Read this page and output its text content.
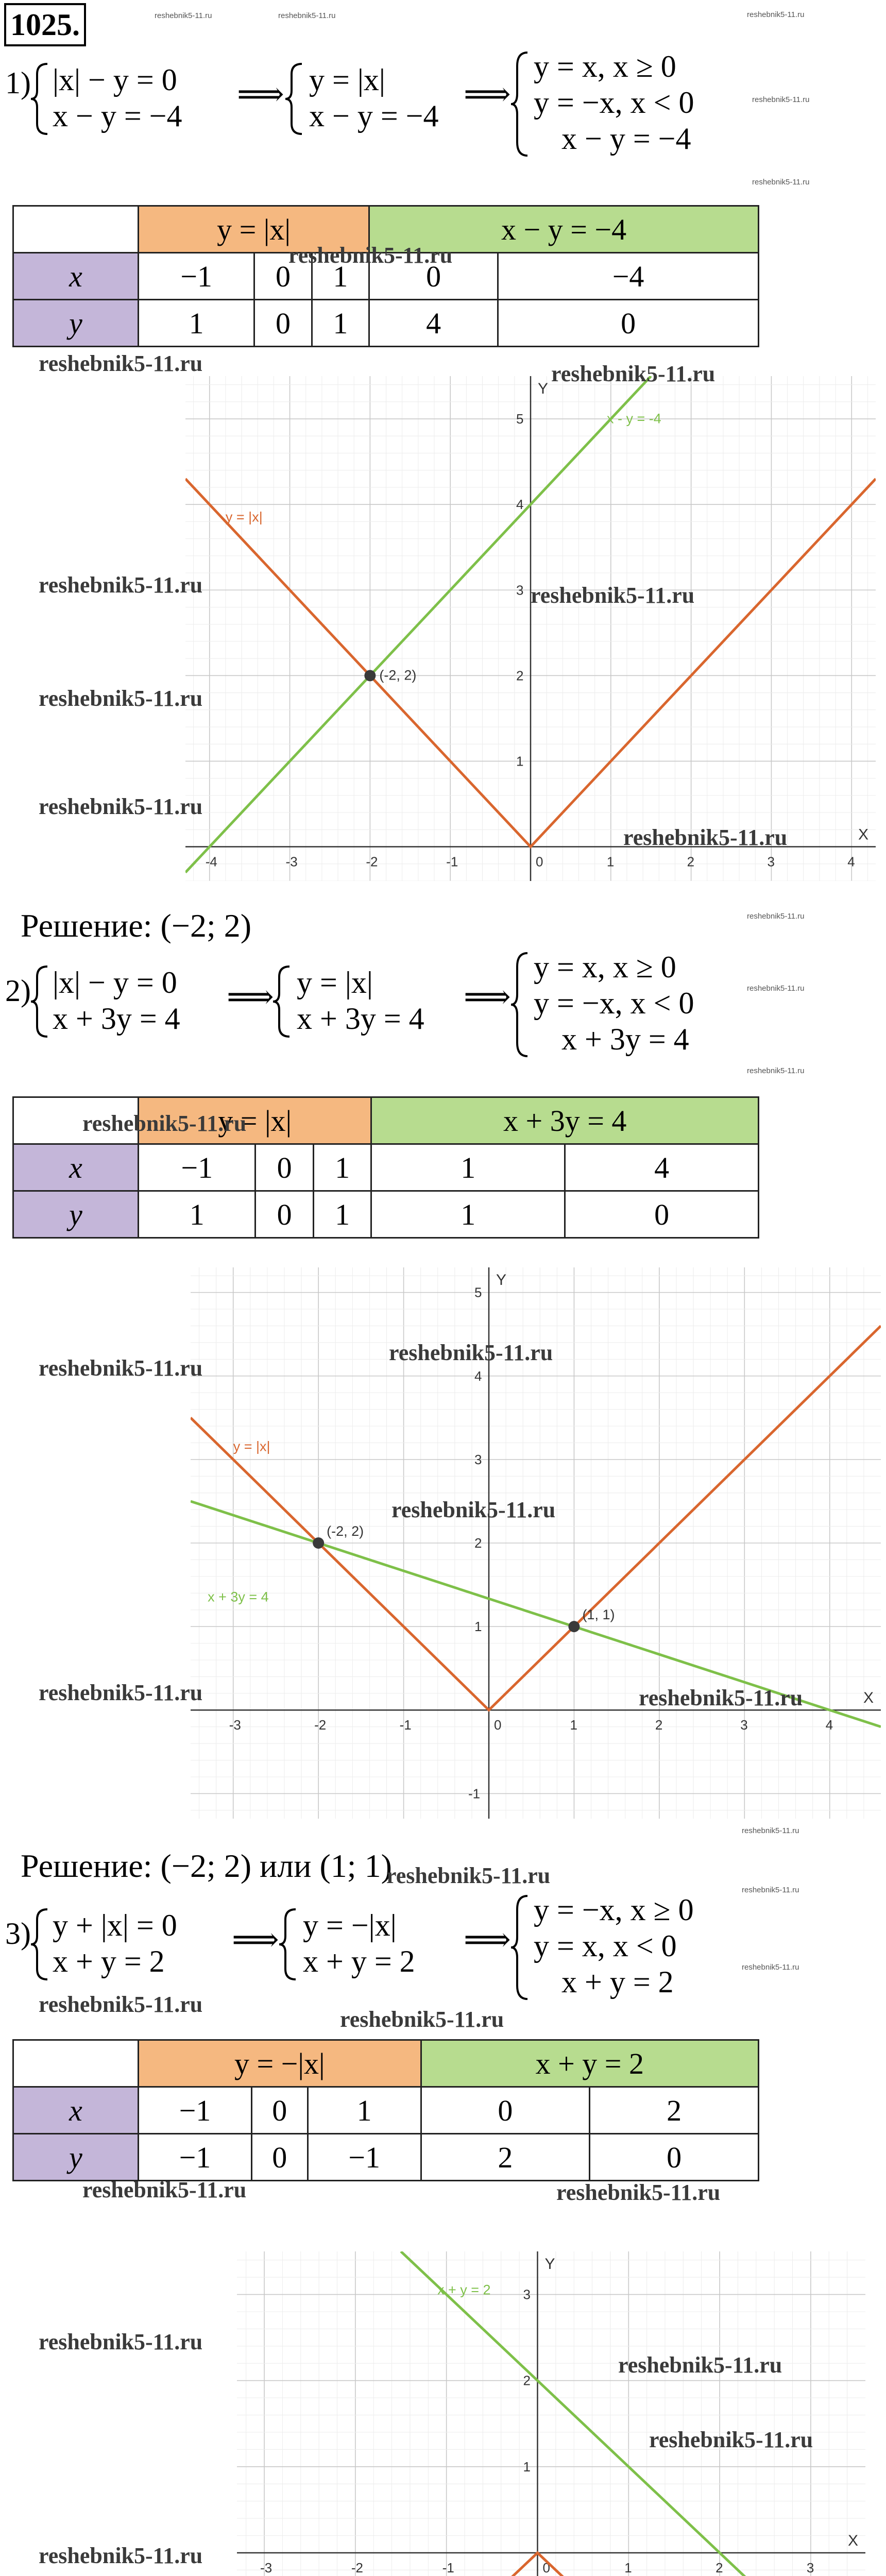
1025.
1) |x| − y = 0
x − y = −4
⟹ y = |x|
x − y = −4
⟹
y = x, x ≥ 0
y = −x, x < 0
x − y = −4
	y = |x|			x − y = −4	
x	−1	0	1	0	−4
y	1	0	1	4	0
-4	-3	-2	-1	0	1	2	3	4
1
2
3
4
5
X
Y
y = |x|
x - y = -4
(-2, 2)
Решение: (−2; 2)
2) |x| − y = 0
x + 3y = 4
⟹ y = |x|
x + 3y = 4
⟹
y = x, x ≥ 0
y = −x, x < 0
x + 3y = 4
	y = |x|			x + 3y = 4	
x	−1	0	1	1	4
y	1	0	1	1	0
-3	-2	-1	0	1	2	3	4
-1
1
2
3
4
5
X
Y
y = |x|
x + 3y = 4
(-2, 2)
(1, 1)
Решение: (−2; 2) или (1; 1)
3) y + |x| = 0
x + y = 2
⟹ y = −|x|
x + y = 2
⟹
y = −x, x ≥ 0
y = x, x < 0
x + y = 2
	y = −|x|			x + y = 2	
x	−1	0	1	0	2
y	−1	0	−1	2	0
-3	-2	-1	0	1	2	3
3
2
1
X
Y
x + y = 2

reshebnik5-11.ru
reshebnik5-11.ru
reshebnik5-11.ru
reshebnik5-11.ru	reshebnik5-11.ru
reshebnik5-11.ru
reshebnik5-11.ru
reshebnik5-11.ru
reshebnik5-11.ru
reshebnik5-11.ru
reshebnik5-11.ru
reshebnik5-11.ru
reshebnik5-11.ru	reshebnik5-11.ru
reshebnik5-11.ru
reshebnik5-11.ru
reshebnik5-11.ru
reshebnik5-11.ru	reshebnik5-11.ru
reshebnik5-11.ru
reshebnik5-11.ru
reshebnik5-11.ru
reshebnik5-11.ru
reshebnik5-11.ru	reshebnik5-11.ru	reshebnik5-11.ru
reshebnik5-11.ru
reshebnik5-11.ru
reshebnik5-11.ru
reshebnik5-11.ru
reshebnik5-11.ru
reshebnik5-11.ru
reshebnik5-11.ru
reshebnik5-11.ru
